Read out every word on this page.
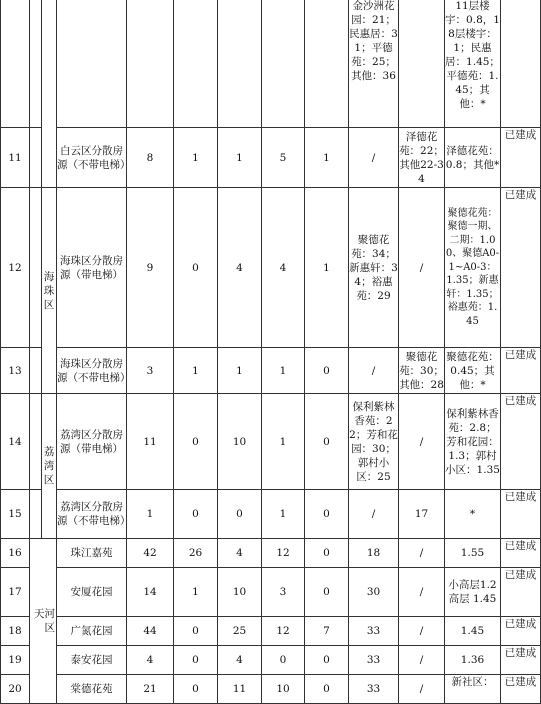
									金沙洲花园：21；民惠居：31；平德苑：25；其他：36		11层楼宇：0.8，18层楼宇：1；民惠居：1.45；平德苑：1.45；其他：*	
11			白云区分散房源（不带电梯）	8	1	1	5	1	/	泽德花苑：22；其他22-34	泽德花苑：0.8；其他*	已建成
12		海珠区	海珠区分散房源（带电梯）	9	0	4	4	1	聚德花苑：34；新惠轩：34；裕惠苑：29	/	聚德花苑：聚德一期、二期：1.00、聚德A0-1~A0-3：1.35；新惠轩：1.35；裕惠苑：1.45	已建成
13			海珠区分散房源（不带电梯）	3	1	1	1	0	/	聚德花苑：30；其他：28	聚德花苑：0.45；其他：*	已建成
14		荔湾区	荔湾区分散房源（带电梯）	11	0	10	1	0	保利紫林香苑：22；芳和花园：30；郭村小区：25	/	保利紫林香苑：2.8；芳和花园：1.3；郭村小区：1.35	已建成
15			荔湾区分散房源（不带电梯）	1	0	0	1	0	/	17	*	已建成
16	天河区		珠江嘉苑	42	26	4	12	0	18	/	1.55	已建成
17			安厦花园	14	1	10	3	0	30	/	小高层1.2 高层 1.45	已建成
18			广氮花园	44	0	25	12	7	33	/	1.45	已建成
19			泰安花园	4	0	4	0	0	33	/	1.36	已建成
20			棠德花苑	21	0	11	10	0	33	/	新社区：	已建成
